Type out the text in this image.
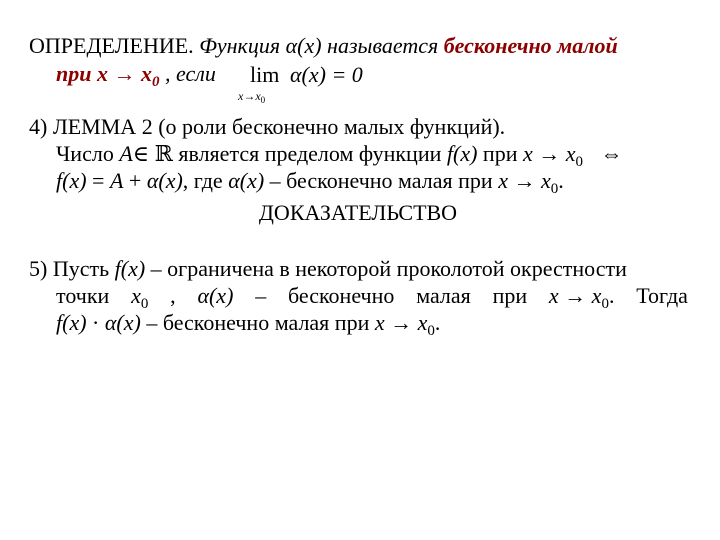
ОПРЕДЕЛЕНИЕ. Функция α(x) называется бесконечно малой
при $x \to x_0$ , если lim
$x\to x_0$
α(x) = 0
4) ЛЕММА 2 (о роли бесконечно малых функций).
Число A∈ ℝ является пределом функции f(x) при $x \to x_0$ ⇔
f(x) = A + α(x), где α(x) – бесконечно малая при $x \to x_0$.
ДОКАЗАТЕЛЬСТВО
5) Пусть f(x) – ограничена в некоторой проколотой окрестности
точки $x_0$ , α(x) – бесконечно малая при $x \to x_0$. Тогда
f(x) · α(x) – бесконечно малая при $x \to x_0$.
